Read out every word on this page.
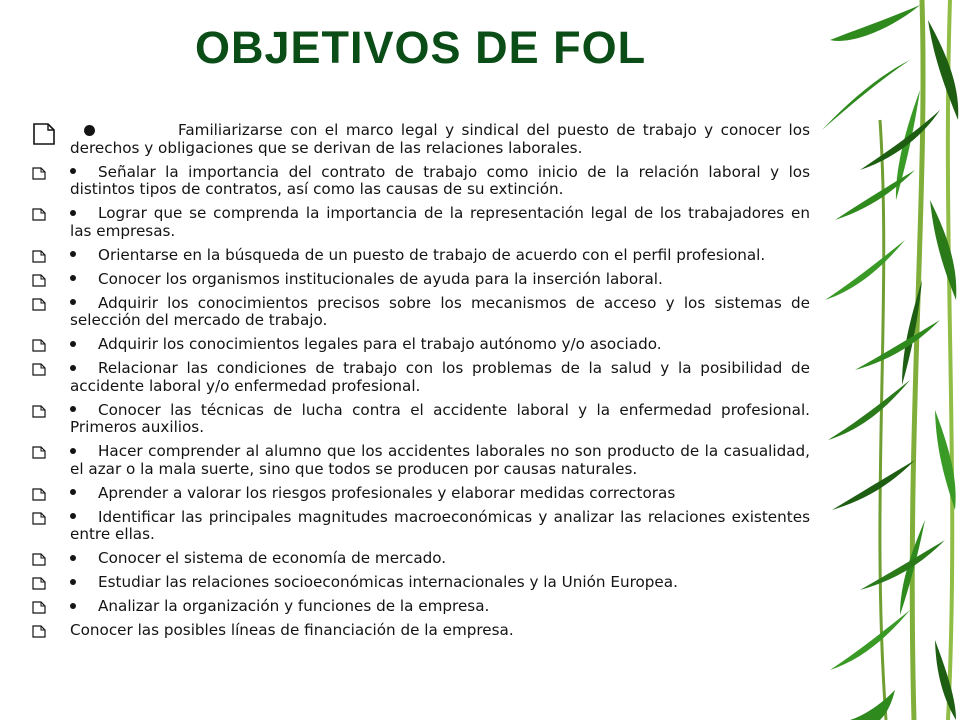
OBJETIVOS DE FOL
Familiarizarse con el marco legal y sindical del puesto de trabajo y conocer los derechos y obligaciones que se derivan de las relaciones laborales.
Señalar la importancia del contrato de trabajo como inicio de la relación laboral y los distintos tipos de contratos, así como las causas de su extinción.
Lograr que se comprenda la importancia de la representación legal de los trabajadores en las empresas.
Orientarse en la búsqueda de un puesto de trabajo de acuerdo con el perfil profesional.
Conocer los organismos institucionales de ayuda para la inserción laboral.
Adquirir los conocimientos precisos sobre los mecanismos de acceso y los sistemas de selección del mercado de trabajo.
Adquirir los conocimientos legales para el trabajo autónomo y/o asociado.
Relacionar las condiciones de trabajo con los problemas de la salud y la posibilidad de accidente laboral y/o enfermedad profesional.
Conocer las técnicas de lucha contra el accidente laboral y la enfermedad profesional. Primeros auxilios.
Hacer comprender al alumno que los accidentes laborales no son producto de la casualidad, el azar o la mala suerte, sino que todos se producen por causas naturales.
Aprender a valorar los riesgos profesionales y elaborar medidas correctoras
Identificar las principales magnitudes macroeconómicas y analizar las relaciones existentes entre ellas.
Conocer el sistema de economía de mercado.
Estudiar las relaciones socioeconómicas internacionales y la Unión Europea.
Analizar la organización y funciones de la empresa.
Conocer las posibles líneas de financiación de la empresa.
